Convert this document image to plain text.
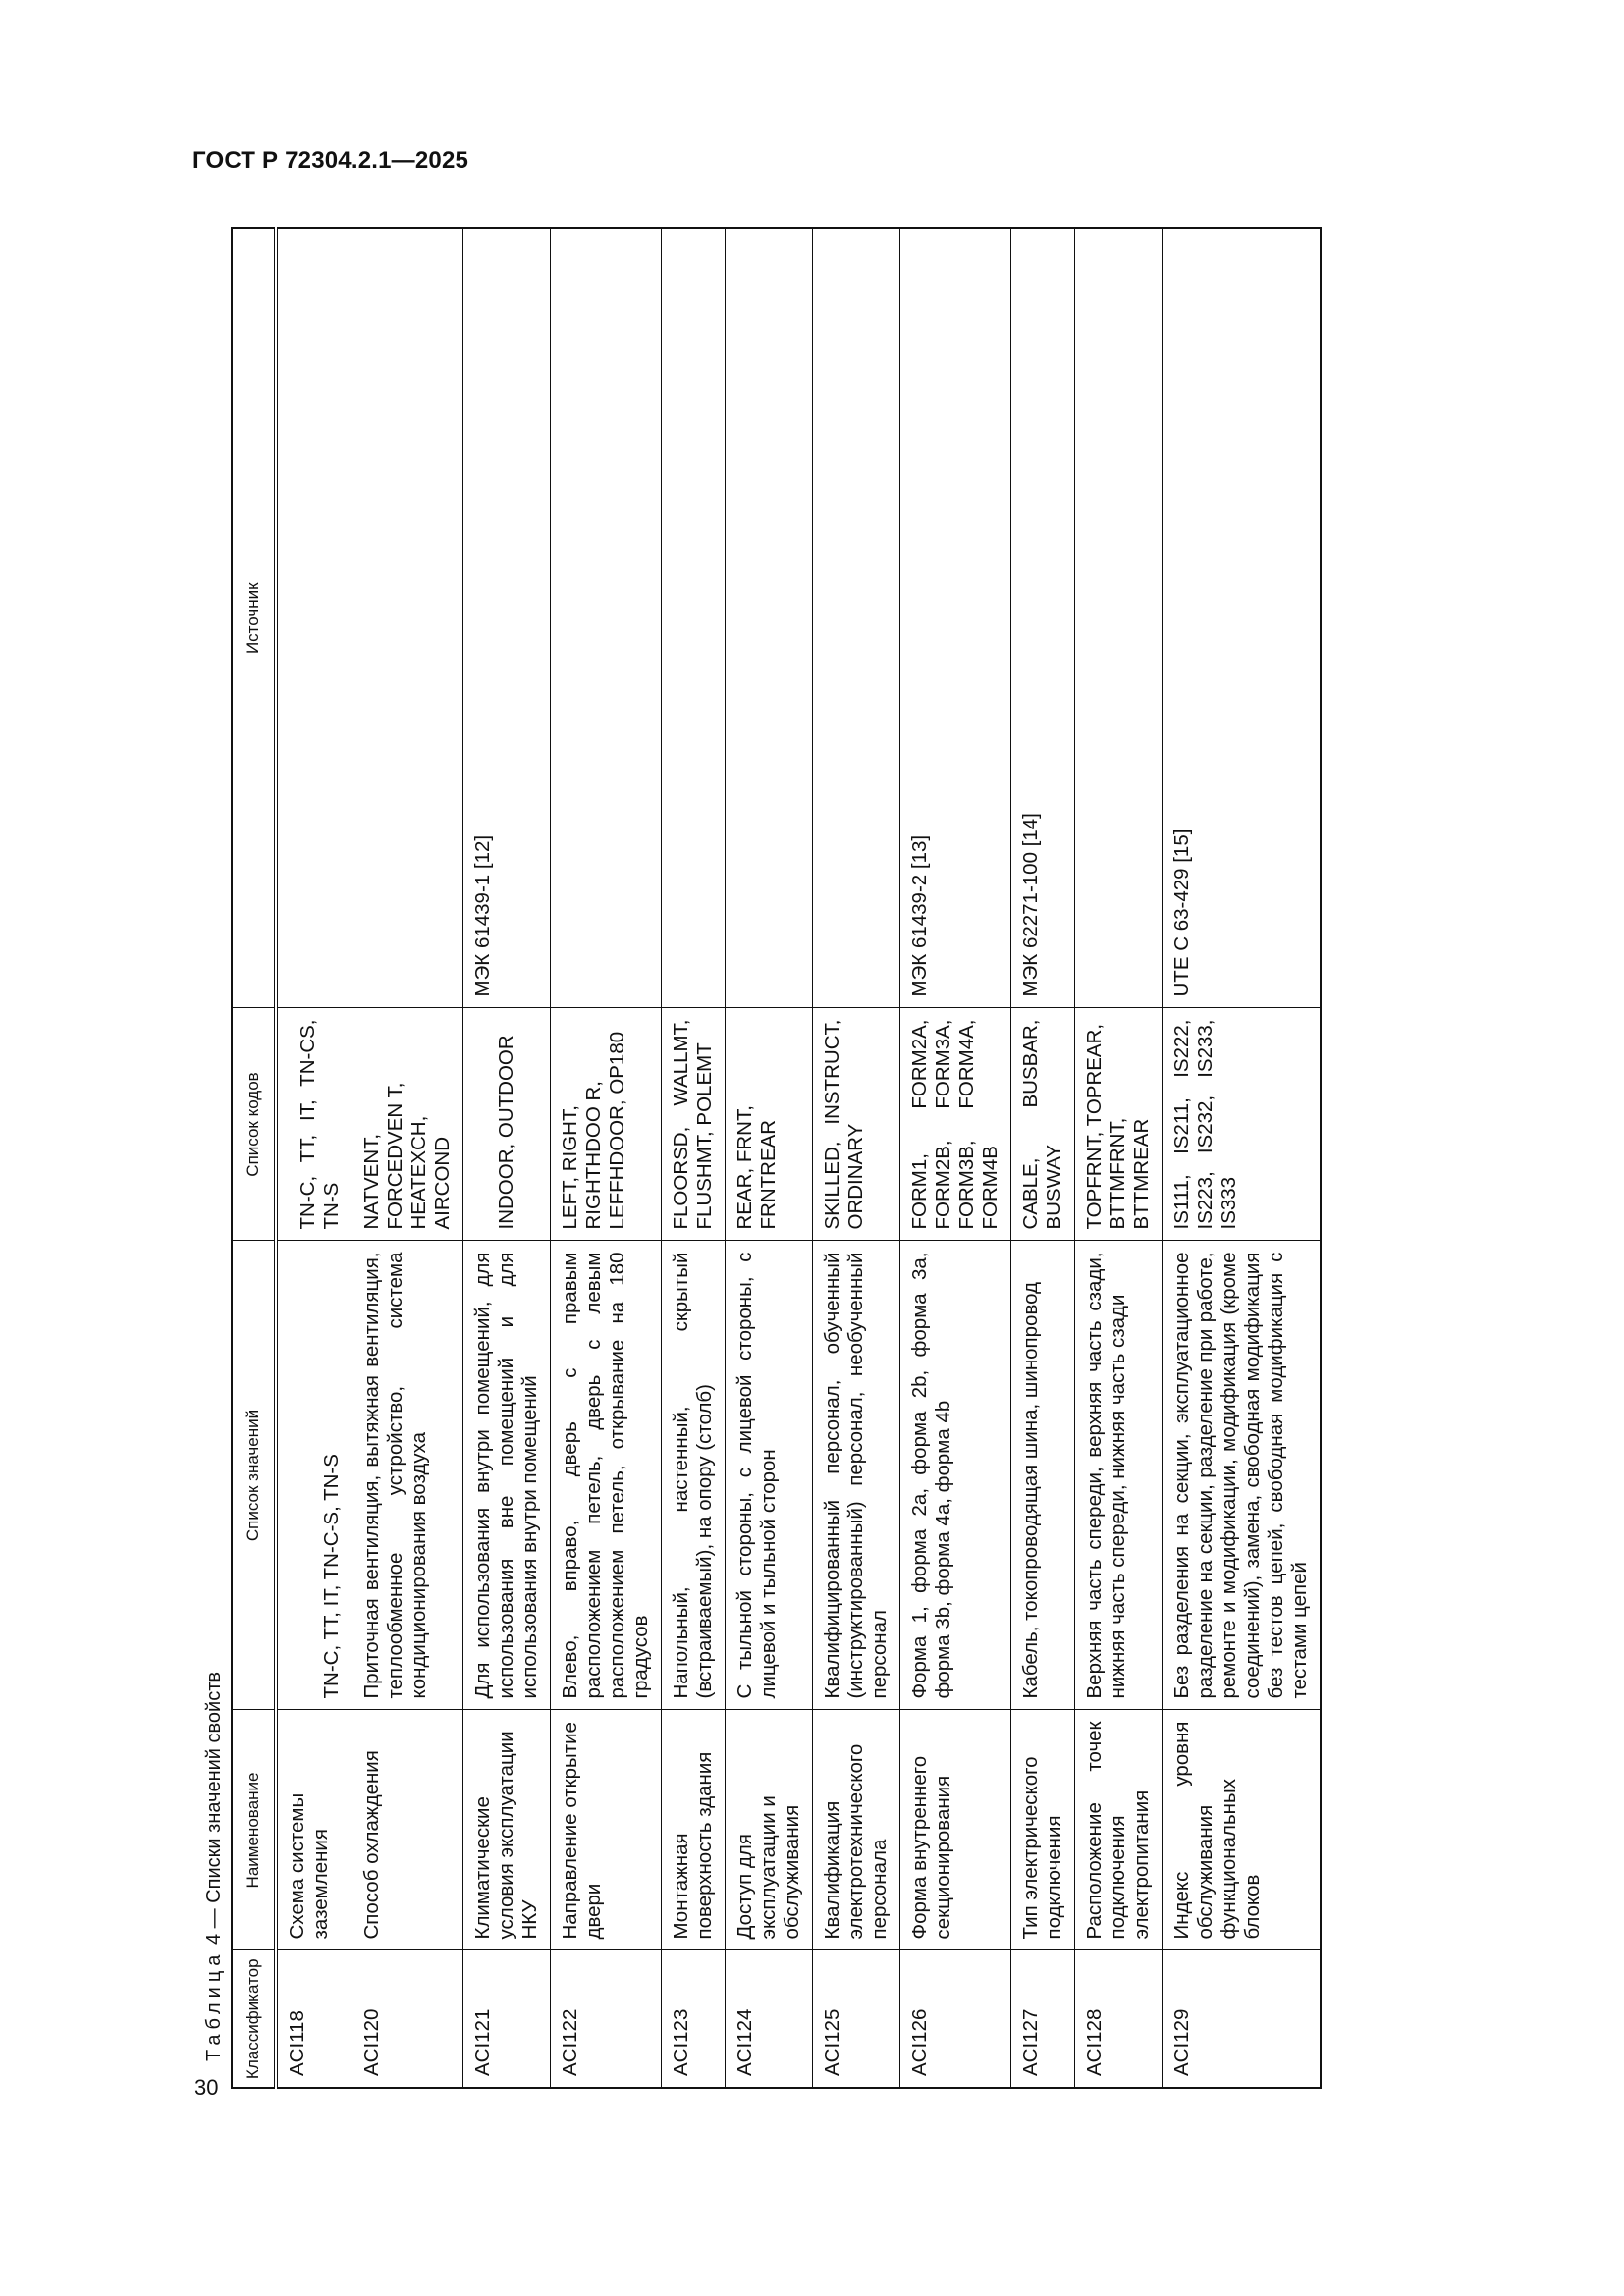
ГОСТ Р 72304.2.1—2025
30
Таблица 4 — Списки значений свойств
Классификатор	Наименование	Список значений	Список кодов	Источник
ACI118	Схема системы заземления	TN-C, TT, IT, TN-C-S, TN-S	TN-C, TT, IT, TN-CS, TN-S	
ACI120	Способ охлаждения	Приточная вентиляция, вытяжная вентиляция, теплообменное устройство, система кондиционирования воздуха	NATVENT, FORCEDVEN T, HEATEXCH, AIRCOND	
ACI121	Климатические условия эксплуатации НКУ	Для использования внутри помещений, для использования вне помещений и для использования внутри помещений	INDOOR, OUTDOOR	МЭК 61439-1 [12]
ACI122	Направление открытие двери	Влево, вправо, дверь с правым расположением петель, дверь с левым расположением петель, открывание на 180 градусов	LEFT, RIGHT, RIGHTHDOO R, LEFFHDOOR, OP180	
ACI123	Монтажная поверхность здания	Напольный, настенный, скрытый (встраиваемый), на опору (столб)	FLOORSD, WALLMT, FLUSHMT, POLEMT	
ACI124	Доступ для эксплуатации и обслуживания	С тыльной стороны, с лицевой стороны, с лицевой и тыльной сторон	REAR, FRNT, FRNTREAR	
ACI125	Квалификация электротехнического персонала	Квалифицированный персонал, обученный (инструктированный) персонал, необученный персонал	SKILLED, INSTRUCT, ORDINARY	
ACI126	Форма внутреннего секционирования	Форма 1, форма 2a, форма 2b, форма 3a, форма 3b, форма 4a, форма 4b	FORM1, FORM2A, FORM2B, FORM3A, FORM3B, FORM4A, FORM4B	МЭК 61439-2 [13]
ACI127	Тип электрического подключения	Кабель, токопроводящая шина, шинопровод	CABLE, BUSBAR, BUSWAY	МЭК 62271-100 [14]
ACI128	Расположение точек подключения электропитания	Верхняя часть спереди, верхняя часть сзади, нижняя часть спереди, нижняя часть сзади	TOPFRNT, TOPREAR, BTTMFRNT, BTTMREAR	
ACI129	Индекс уровня обслуживания функциональных блоков	Без разделения на секции, эксплуатационное разделение на секции, разделение при работе, ремонте и модификации, модификация (кроме соединений), замена, свободная модификация без тестов цепей, свободная модификация с тестами цепей	IS111, IS211, IS222, IS223, IS232, IS233, IS333	UTE C 63-429 [15]
